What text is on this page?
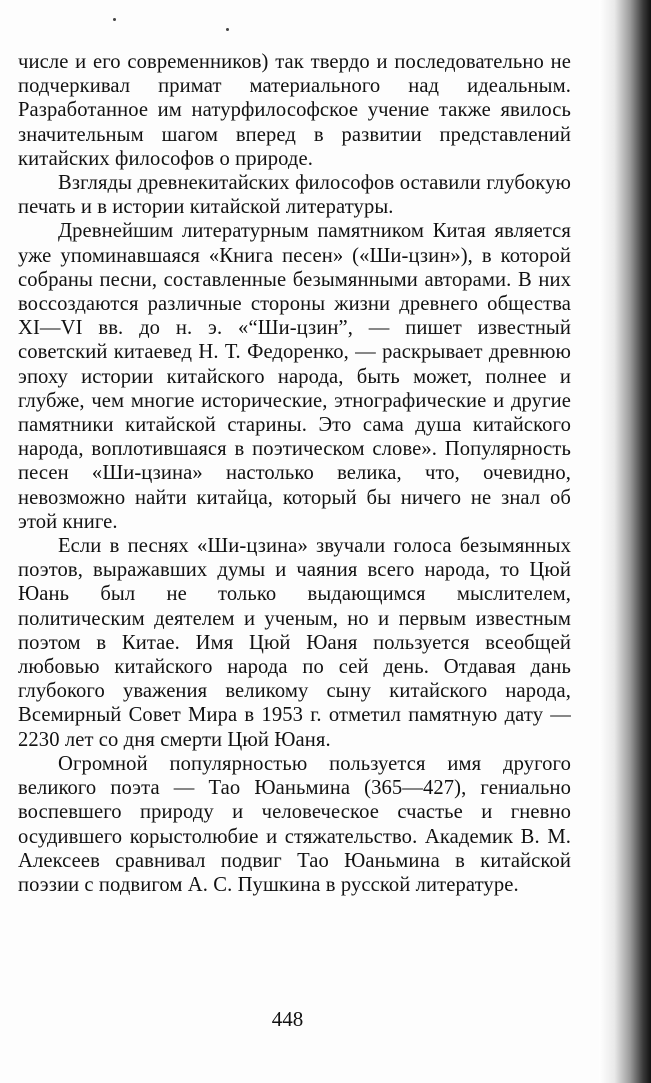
числе и его современников) так твердо и последовательно не подчеркивал примат материального над идеальным. Разработанное им натурфилософское учение также явилось значительным шагом вперед в развитии представлений китайских философов о природе.

Взгляды древнекитайских философов оставили глубокую печать и в истории китайской литературы.

Древнейшим литературным памятником Китая является уже упоминавшаяся «Книга песен» («Ши-цзин»), в которой собраны песни, составленные безымянными авторами. В них воссоздаются различные стороны жизни древнего общества XI—VI вв. до н. э. «“Ши-цзин”, — пишет известный советский китаевед Н. Т. Федоренко, — раскрывает древнюю эпоху истории китайского народа, быть может, полнее и глубже, чем многие исторические, этнографические и другие памятники китайской старины. Это сама душа китайского народа, воплотившаяся в поэтическом слове». Популярность песен «Ши-цзина» настолько велика, что, очевидно, невозможно найти китайца, который бы ничего не знал об этой книге.

Если в песнях «Ши-цзина» звучали голоса безымянных поэтов, выражавших думы и чаяния всего народа, то Цюй Юань был не только выдающимся мыслителем, политическим деятелем и ученым, но и первым известным поэтом в Китае. Имя Цюй Юаня пользуется всеобщей любовью китайского народа по сей день. Отдавая дань глубокого уважения великому сыну китайского народа, Всемирный Совет Мира в 1953 г. отметил памятную дату — 2230 лет со дня смерти Цюй Юаня.

Огромной популярностью пользуется имя другого великого поэта — Тао Юаньмина (365—427), гениально воспевшего природу и человеческое счастье и гневно осудившего корыстолюбие и стяжательство. Академик В. М. Алексеев сравнивал подвиг Тао Юаньмина в китайской поэзии с подвигом А. С. Пушкина в русской литературе.

448
